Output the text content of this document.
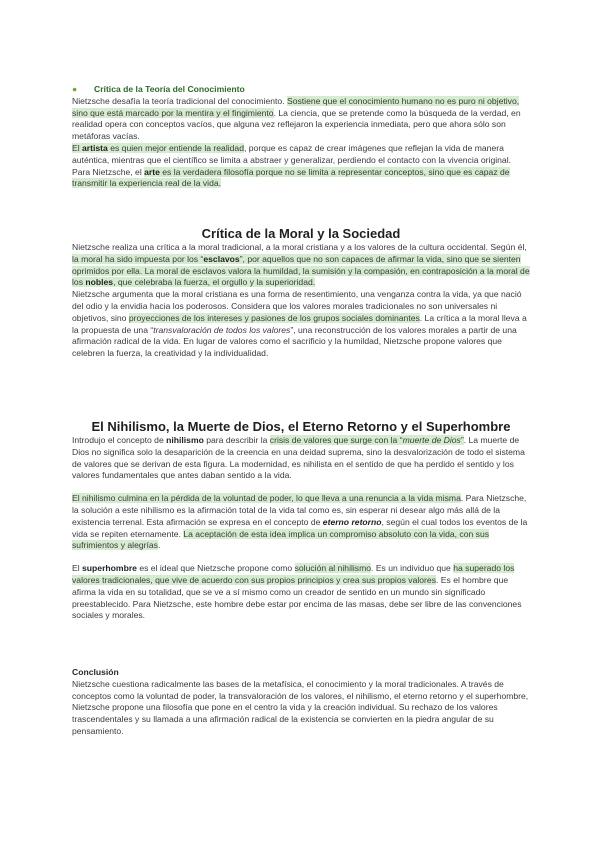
● Crítica de la Teoría del Conocimiento

Nietzsche desafía la teoría tradicional del conocimiento. Sostiene que el conocimiento humano no es puro ni objetivo, sino que está marcado por la mentira y el fingimiento. La ciencia, que se pretende como la búsqueda de la verdad, en realidad opera con conceptos vacíos, que alguna vez reflejaron la experiencia inmediata, pero que ahora sólo son metáforas vacías.

El artista es quien mejor entiende la realidad, porque es capaz de crear imágenes que reflejan la vida de manera auténtica, mientras que el científico se limita a abstraer y generalizar, perdiendo el contacto con la vivencia original. Para Nietzsche, el arte es la verdadera filosofía porque no se limita a representar conceptos, sino que es capaz de transmitir la experiencia real de la vida.

Crítica de la Moral y la Sociedad

Nietzsche realiza una crítica a la moral tradicional, a la moral cristiana y a los valores de la cultura occidental. Según él, la moral ha sido impuesta por los “esclavos”, por aquellos que no son capaces de afirmar la vida, sino que se sienten oprimidos por ella. La moral de esclavos valora la humildad, la sumisión y la compasión, en contraposición a la moral de los nobles, que celebraba la fuerza, el orgullo y la superioridad.

Nietzsche argumenta que la moral cristiana es una forma de resentimiento, una venganza contra la vida, ya que nació del odio y la envidia hacia los poderosos. Considera que los valores morales tradicionales no son universales ni objetivos, sino proyecciones de los intereses y pasiones de los grupos sociales dominantes. La crítica a la moral lleva a la propuesta de una “transvaloración de todos los valores”, una reconstrucción de los valores morales a partir de una afirmación radical de la vida. En lugar de valores como el sacrificio y la humildad, Nietzsche propone valores que celebren la fuerza, la creatividad y la individualidad.

El Nihilismo, la Muerte de Dios, el Eterno Retorno y el Superhombre

Introdujo el concepto de nihilismo para describir la crisis de valores que surge con la “muerte de Dios”. La muerte de Dios no significa solo la desaparición de la creencia en una deidad suprema, sino la desvalorización de todo el sistema de valores que se derivan de esta figura. La modernidad, es nihilista en el sentido de que ha perdido el sentido y los valores fundamentales que antes daban sentido a la vida.

El nihilismo culmina en la pérdida de la voluntad de poder, lo que lleva a una renuncia a la vida misma. Para Nietzsche, la solución a este nihilismo es la afirmación total de la vida tal como es, sin esperar ni desear algo más allá de la existencia terrenal. Esta afirmación se expresa en el concepto de eterno retorno, según el cual todos los eventos de la vida se repiten eternamente. La aceptación de esta idea implica un compromiso absoluto con la vida, con sus sufrimientos y alegrías.

El superhombre es el ideal que Nietzsche propone como solución al nihilismo. Es un individuo que ha superado los valores tradicionales, que vive de acuerdo con sus propios principios y crea sus propios valores. Es el hombre que afirma la vida en su totalidad, que se ve a sí mismo como un creador de sentido en un mundo sin significado preestablecido. Para Nietzsche, este hombre debe estar por encima de las masas, debe ser libre de las convenciones sociales y morales.

Conclusión

Nietzsche cuestiona radicalmente las bases de la metafísica, el conocimiento y la moral tradicionales. A través de conceptos como la voluntad de poder, la transvaloración de los valores, el nihilismo, el eterno retorno y el superhombre, Nietzsche propone una filosofía que pone en el centro la vida y la creación individual. Su rechazo de los valores trascendentales y su llamada a una afirmación radical de la existencia se convierten en la piedra angular de su pensamiento.
